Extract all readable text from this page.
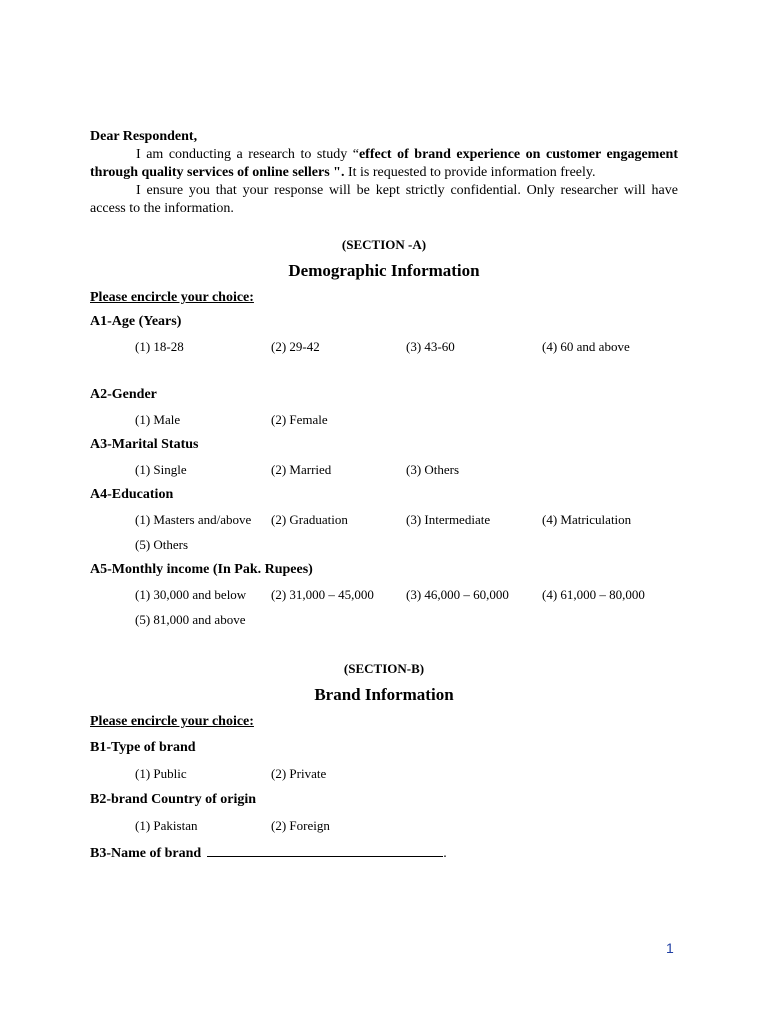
Dear Respondent,
I am conducting a research to study “effect of brand experience on customer engagement through quality services of online sellers ". It is requested to provide information freely.
I ensure you that your response will be kept strictly confidential. Only researcher will have access to the information.
(SECTION -A)
Demographic Information
Please encircle your choice:
A1-Age (Years)
(1) 18-28	(2) 29-42	(3) 43-60	(4) 60 and above
A2-Gender
(1) Male	(2) Female
A3-Marital Status
(1) Single	(2) Married	(3) Others
A4-Education
(1) Masters and/above (2) Graduation	(3) Intermediate	(4) Matriculation
(5) Others
A5-Monthly income (In Pak. Rupees)
(1) 30,000 and below (2) 31,000 – 45,000 (3) 46,000 – 60,000	(4) 61,000 – 80,000
(5) 81,000 and above
(SECTION-B)
Brand Information
Please encircle your choice:
B1-Type of brand
(1) Public	(2) Private
B2-brand Country of origin
(1) Pakistan	(2) Foreign
B3-Name of brand	.
1
